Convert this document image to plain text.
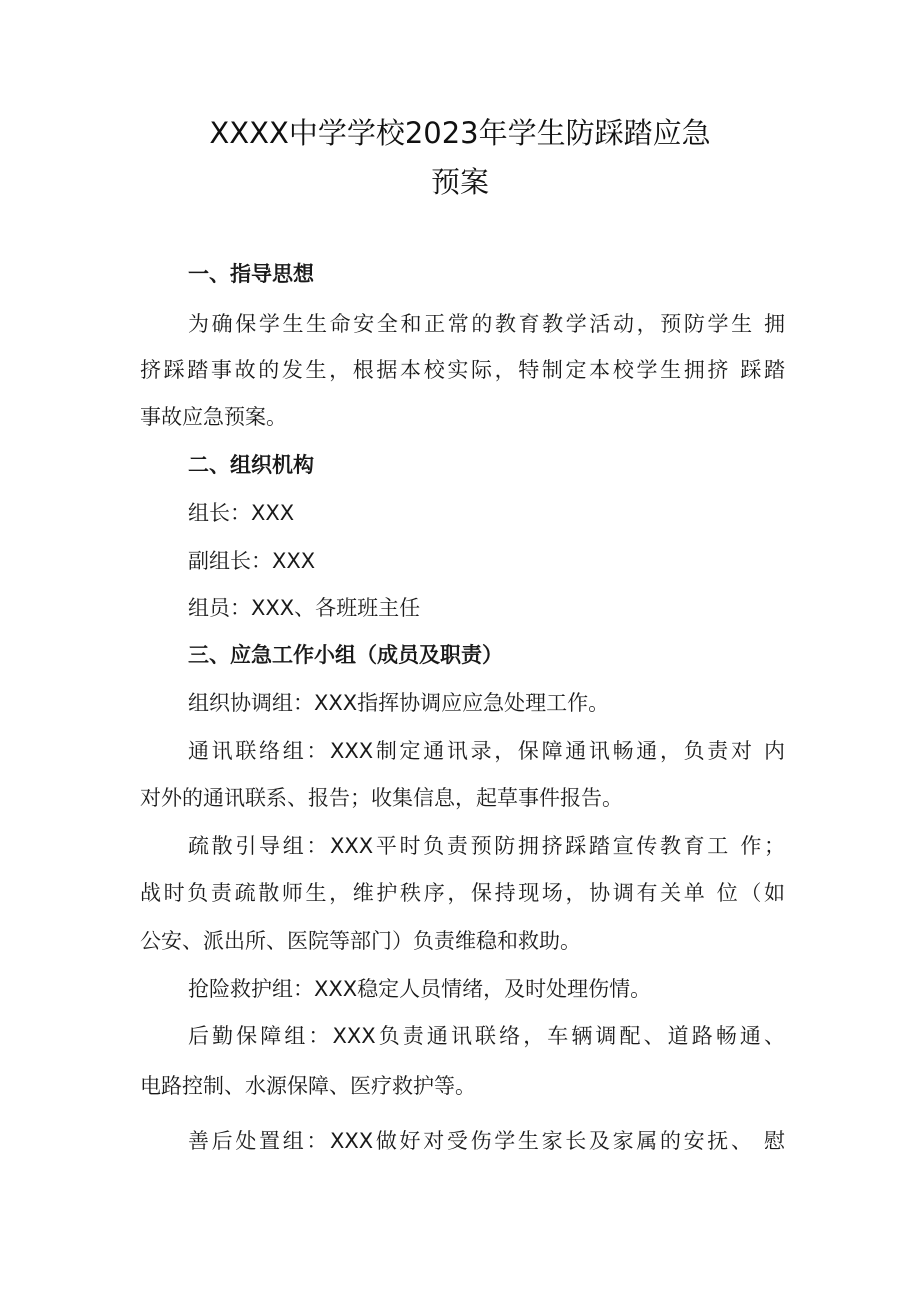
XXXX中学学校2023年学生防踩踏应急
预案
一、指导思想
为确保学生生命安全和正常的教育教学活动，预防学生 拥
挤踩踏事故的发生，根据本校实际，特制定本校学生拥挤 踩踏
事故应急预案。
二、组织机构
组长：XXX
副组长：XXX
组员：XXX、各班班主任
三、应急工作小组（成员及职责）
组织协调组：XXX指挥协调应应急处理工作。
通讯联络组：XXX制定通讯录，保障通讯畅通，负责对 内
对外的通讯联系、报告；收集信息，起草事件报告。
疏散引导组：XXX平时负责预防拥挤踩踏宣传教育工 作；
战时负责疏散师生，维护秩序，保持现场，协调有关单 位（如
公安、派出所、医院等部门）负责维稳和救助。
抢险救护组：XXX稳定人员情绪，及时处理伤情。
后勤保障组：XXX负责通讯联络，车辆调配、道路畅通、
电路控制、水源保障、医疗救护等。
善后处置组：XXX做好对受伤学生家长及家属的安抚、 慰
